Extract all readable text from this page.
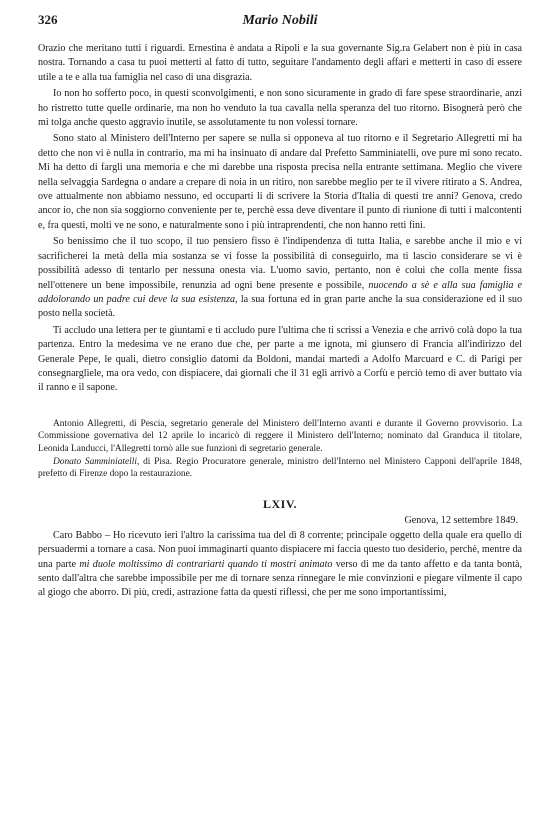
326	Mario Nobili

Orazio che meritano tutti i riguardi. Ernestina è andata a Ripoli e la sua governante Sig.ra Gelabert non è più in casa nostra. Tornando a casa tu puoi metterti al fatto di tutto, seguitare l'andamento degli affari e metterti in caso di essere utile a te e alla tua famiglia nel caso di una disgrazia.

Io non ho sofferto poco, in questi sconvolgimenti, e non sono sicuramente in grado di fare spese straordinarie, anzi ho ristretto tutte quelle ordinarie, ma non ho venduto la tua cavalla nella speranza del tuo ritorno. Bisognerà però che mi tolga anche questo aggravio inutile, se assolutamente tu non volessi tornare.

Sono stato al Ministero dell'Interno per sapere se nulla si opponeva al tuo ritorno e il Segretario Allegretti mi ha detto che non vi è nulla in contrario, ma mi ha insinuato di andare dal Prefetto Samminiatelli, ove pure mi sono recato. Mi ha detto di fargli una memoria e che mi darebbe una risposta precisa nella entrante settimana. Meglio che vivere nella selvaggia Sardegna o andare a crepare di noia in un ritiro, non sarebbe meglio per te il vivere ritirato a S. Andrea, ove attualmente non abbiamo nessuno, ed occuparti li di scrivere la Storia d'Italia di questi tre anni? Genova, credo ancor io, che non sia soggiorno conveniente per te, perchè essa deve diventare il punto di riunione di tutti i malcontenti e, fra questi, molti ve ne sono, e naturalmente sono i più intraprendenti, che non hanno retti fini.

So benissimo che il tuo scopo, il tuo pensiero fisso è l'indipendenza di tutta Italia, e sarebbe anche il mio e vi sacrificherei la metà della mia sostanza se vi fosse la possibilità di conseguirlo, ma ti lascio considerare se vi è possibilità adesso di tentarlo per nessuna onesta via. L'uomo savio, pertanto, non è colui che colla mente fissa nell'ottenere un bene impossibile, renunzia ad ogni bene presente e possibile, nuocendo a sè e alla sua famiglia e addolorando un padre cui deve la sua esistenza, la sua fortuna ed in gran parte anche la sua considerazione ed il suo posto nella società.

Ti accludo una lettera per te giuntami e ti accludo pure l'ultima che ti scrissi a Venezia e che arrivò colà dopo la tua partenza. Entro la medesima ve ne erano due che, per parte a me ignota, mi giunsero di Francia all'indirizzo del Generale Pepe, le quali, dietro consiglio datomi da Boldoni, mandai martedì a Adolfo Marcuard e C. di Parigi per consegnargliele, ma ora vedo, con dispiacere, dai giornali che il 31 egli arrivò a Corfù e perciò temo di aver buttato via il ranno e il sapone.

Antonio Allegretti, di Pescia, segretario generale del Ministero dell'Interno avanti e durante il Governo provvisorio. La Commissione governativa del 12 aprile lo incaricò di reggere il Ministero dell'Interno; nominato dal Granduca il titolare, Leonida Landucci, l'Allegretti tornò alle sue funzioni di segretario generale.

Donato Samminiatelli, di Pisa. Regio Procuratore generale, ministro dell'Interno nel Ministero Capponi dell'aprile 1848, prefetto di Firenze dopo la restaurazione.

LXIV.
Genova, 12 settembre 1849.

Caro Babbo – Ho ricevuto ieri l'altro la carissima tua del dì 8 corrente; principale oggetto della quale era quello di persuadermi a tornare a casa. Non puoi immaginarti quanto dispiacere mi faccia questo tuo desiderio, perchè, mentre da una parte mi duole moltissimo di contrariarti quando ti mostri animato verso di me da tanto affetto e da tanta bontà, sento dall'altra che sarebbe impossibile per me di tornare senza rinnegare le mie convinzioni e piegare vilmente il capo al giogo che aborro. Di più, credi, astrazione fatta da questi riflessi, che per me sono importantissimi,
